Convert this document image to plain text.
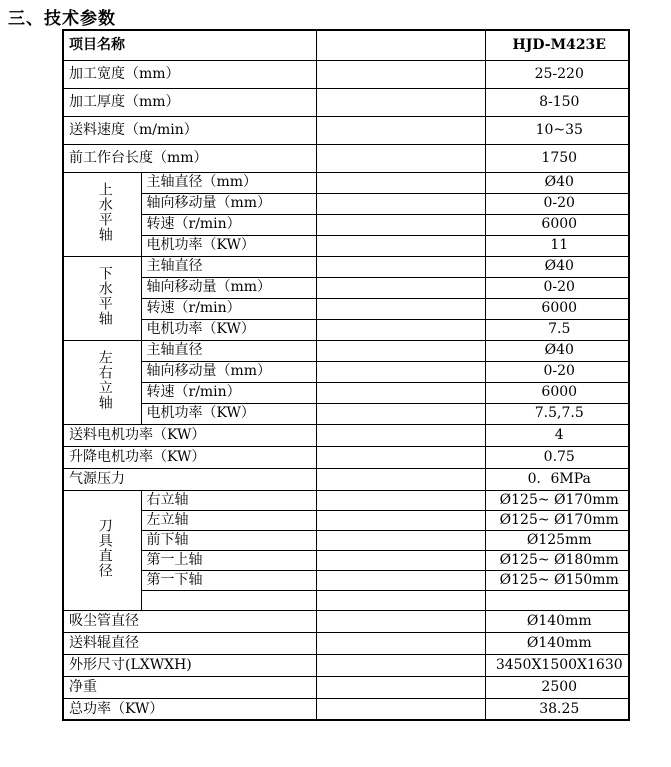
三、技术参数
项目名称			HJD-M423E
加工宽度（mm）			25-220
加工厚度（mm）			8-150
送料速度（m/min）			10~35
前工作台长度（mm）			1750
上水平轴	主轴直径（mm）		Ø40
	轴向移动量（mm）		0-20
	转速（r/min）		6000
	电机功率（KW）		11
下水平轴	主轴直径		Ø40
	轴向移动量（mm）		0-20
	转速（r/min）		6000
	电机功率（KW）		7.5
左右立轴	主轴直径		Ø40
	轴向移动量（mm）		0-20
	转速（r/min）		6000
	电机功率（KW）		7.5,7.5
送料电机功率（KW）			4
升降电机功率（KW）			0.75
气源压力			0．6MPa
刀具直径	右立轴		Ø125~ Ø170mm
	左立轴		Ø125~ Ø170mm
	前下轴		Ø125mm
	第一上轴		Ø125~ Ø180mm
	第一下轴		Ø125~ Ø150mm

吸尘管直径			Ø140mm
送料辊直径			Ø140mm
外形尺寸(LXWXH)			3450X1500X1630
净重			2500
总功率（KW）			38.25
